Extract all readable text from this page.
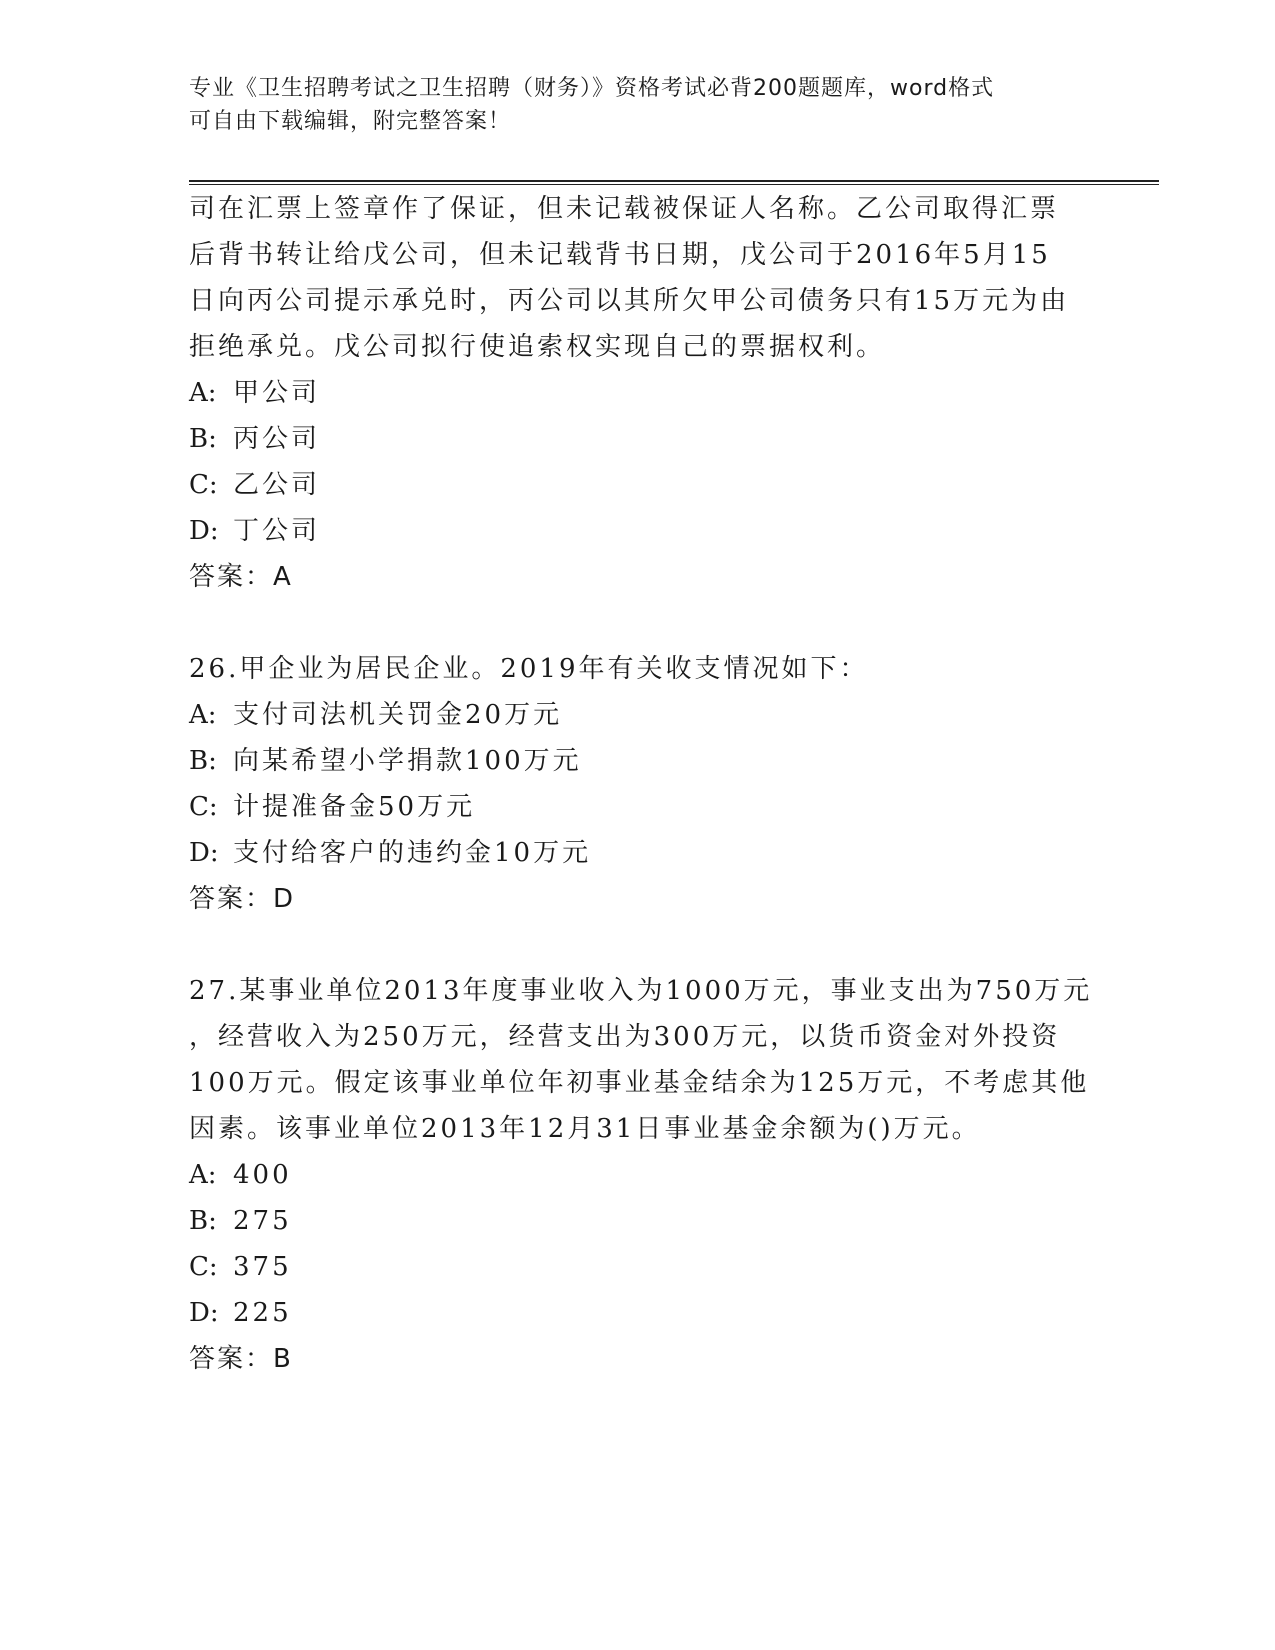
专业《卫生招聘考试之卫生招聘（财务）》资格考试必背200题题库，word格式
可自由下载编辑，附完整答案！
司在汇票上签章作了保证，但未记载被保证人名称。乙公司取得汇票
后背书转让给戊公司，但未记载背书日期，戊公司于2016年5月15
日向丙公司提示承兑时，丙公司以其所欠甲公司债务只有15万元为由
拒绝承兑。戊公司拟行使追索权实现自己的票据权利。
A: 甲公司
B: 丙公司
C: 乙公司
D: 丁公司
答案：A
26.甲企业为居民企业。2019年有关收支情况如下：
A: 支付司法机关罚金20万元
B: 向某希望小学捐款100万元
C: 计提准备金50万元
D: 支付给客户的违约金10万元
答案：D
27.某事业单位2013年度事业收入为1000万元，事业支出为750万元
，经营收入为250万元，经营支出为300万元，以货币资金对外投资
100万元。假定该事业单位年初事业基金结余为125万元，不考虑其他
因素。该事业单位2013年12月31日事业基金余额为()万元。
A: 400
B: 275
C: 375
D: 225
答案：B
